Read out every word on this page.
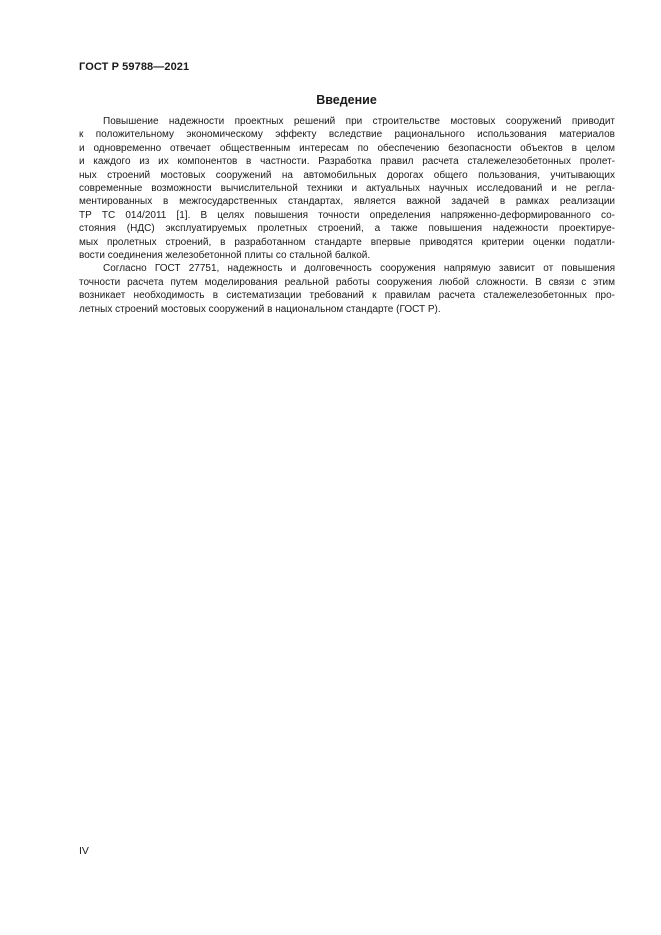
ГОСТ Р 59788—2021
Введение
Повышение надежности проектных решений при строительстве мостовых сооружений приводит
к положительному экономическому эффекту вследствие рационального использования материалов
и одновременно отвечает общественным интересам по обеспечению безопасности объектов в целом
и каждого из их компонентов в частности. Разработка правил расчета сталежелезобетонных пролет-
ных строений мостовых сооружений на автомобильных дорогах общего пользования, учитывающих
современные возможности вычислительной техники и актуальных научных исследований и не регла-
ментированных в межгосударственных стандартах, является важной задачей в рамках реализации
ТР ТС 014/2011 [1]. В целях повышения точности определения напряженно-деформированного со-
стояния (НДС) эксплуатируемых пролетных строений, а также повышения надежности проектируе-
мых пролетных строений, в разработанном стандарте впервые приводятся критерии оценки податли-
вости соединения железобетонной плиты со стальной балкой.
Согласно ГОСТ 27751, надежность и долговечность сооружения напрямую зависит от повышения
точности расчета путем моделирования реальной работы сооружения любой сложности. В связи с этим
возникает необходимость в систематизации требований к правилам расчета сталежелезобетонных про-
летных строений мостовых сооружений в национальном стандарте (ГОСТ Р).
IV
